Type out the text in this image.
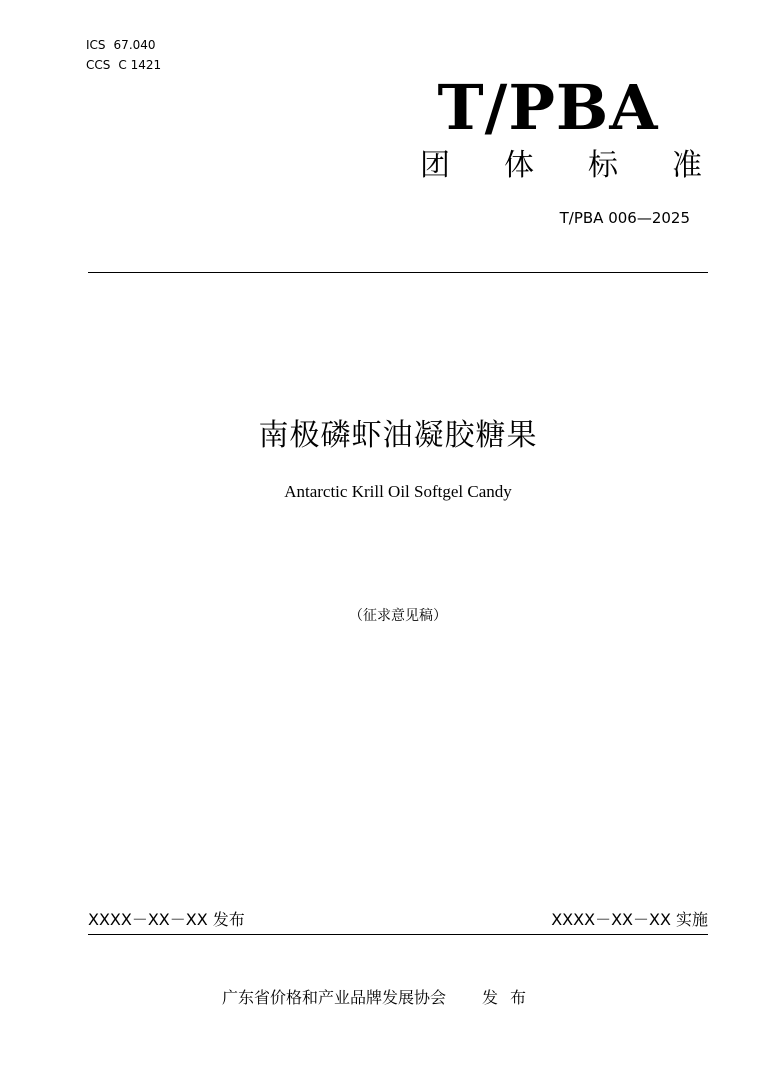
ICS 67.040
CCS C 1421
T/PBA
团 体 标 准
T/PBA 006—2025
南极磷虾油凝胶糖果
Antarctic Krill Oil Softgel Candy
（征求意见稿）
XXXX－XX－XX 发布	XXXX－XX－XX 实施
广东省价格和产业品牌发展协会 发布
